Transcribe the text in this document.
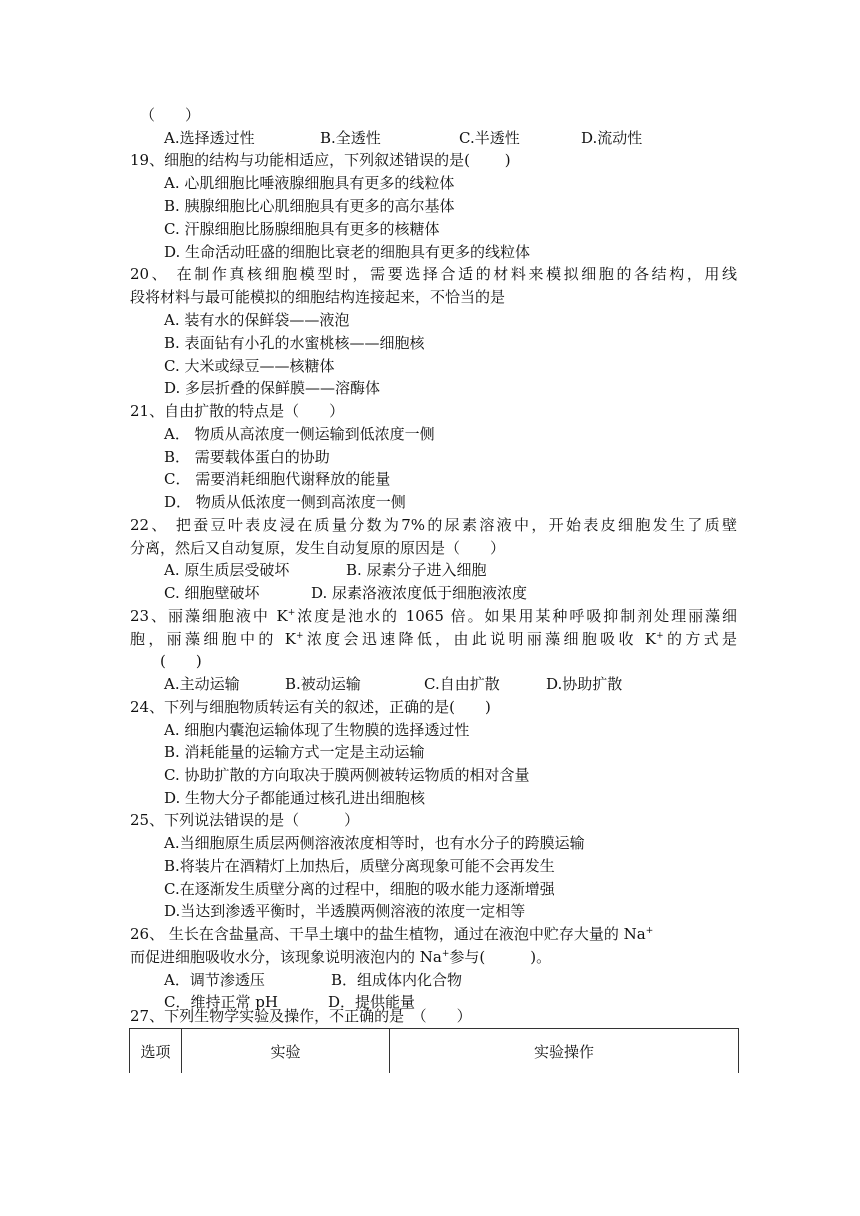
（　　）
A.选择透过性	B.全透性	C.半透性	D.流动性
19、细胞的结构与功能相适应，下列叙述错误的是(　　 )
A. 心肌细胞比唾液腺细胞具有更多的线粒体
B. 胰腺细胞比心肌细胞具有更多的高尔基体
C. 汗腺细胞比肠腺细胞具有更多的核糖体
D. 生命活动旺盛的细胞比衰老的细胞具有更多的线粒体
20、 在制作真核细胞模型时，需要选择合适的材料来模拟细胞的各结构，用线
段将材料与最可能模拟的细胞结构连接起来，不恰当的是
A. 装有水的保鲜袋——液泡
B. 表面钻有小孔的水蜜桃核——细胞核
C. 大米或绿豆——核糖体
D. 多层折叠的保鲜膜——溶酶体
21、自由扩散的特点是（　　）
A． 物质从高浓度一侧运输到低浓度一侧
B． 需要载体蛋白的协助
C． 需要消耗细胞代谢释放的能量
D． 物质从低浓度一侧到高浓度一侧
22、 把蚕豆叶表皮浸在质量分数为7%的尿素溶液中，开始表皮细胞发生了质壁
分离，然后又自动复原，发生自动复原的原因是（　　）
A. 原生质层受破坏	B. 尿素分子进入细胞
C. 细胞壁破坏	D. 尿素洛液浓度低于细胞液浓度
23、丽藻细胞液中 K+浓度是池水的 1065 倍。如果用某种呼吸抑制剂处理丽藻细
胞，丽藻细胞中的 K+浓度会迅速降低，由此说明丽藻细胞吸收 K+的方式是
(　　)
A.主动运输	B.被动运输	C.自由扩散	D.协助扩散
24、下列与细胞物质转运有关的叙述，正确的是(　　)
A. 细胞内囊泡运输体现了生物膜的选择透过性
B. 消耗能量的运输方式一定是主动运输
C. 协助扩散的方向取决于膜两侧被转运物质的相对含量
D. 生物大分子都能通过核孔进出细胞核
25、下列说法错误的是（　　　）
A.当细胞原生质层两侧溶液浓度相等时，也有水分子的跨膜运输
B.将装片在酒精灯上加热后，质壁分离现象可能不会再发生
C.在逐渐发生质壁分离的过程中，细胞的吸水能力逐渐增强
D.当达到渗透平衡时，半透膜两侧溶液的浓度一定相等
26、 生长在含盐量高、干旱土壤中的盐生植物，通过在液泡中贮存大量的 Na+
而促进细胞吸收水分，该现象说明液泡内的 Na+参与(　　　)。
A．调节渗透压	B．组成体内化合物
C．维持正常 pH	D．提供能量
27、下列生物学实验及操作，不正确的是　（　　）
选项	实验	实验操作
